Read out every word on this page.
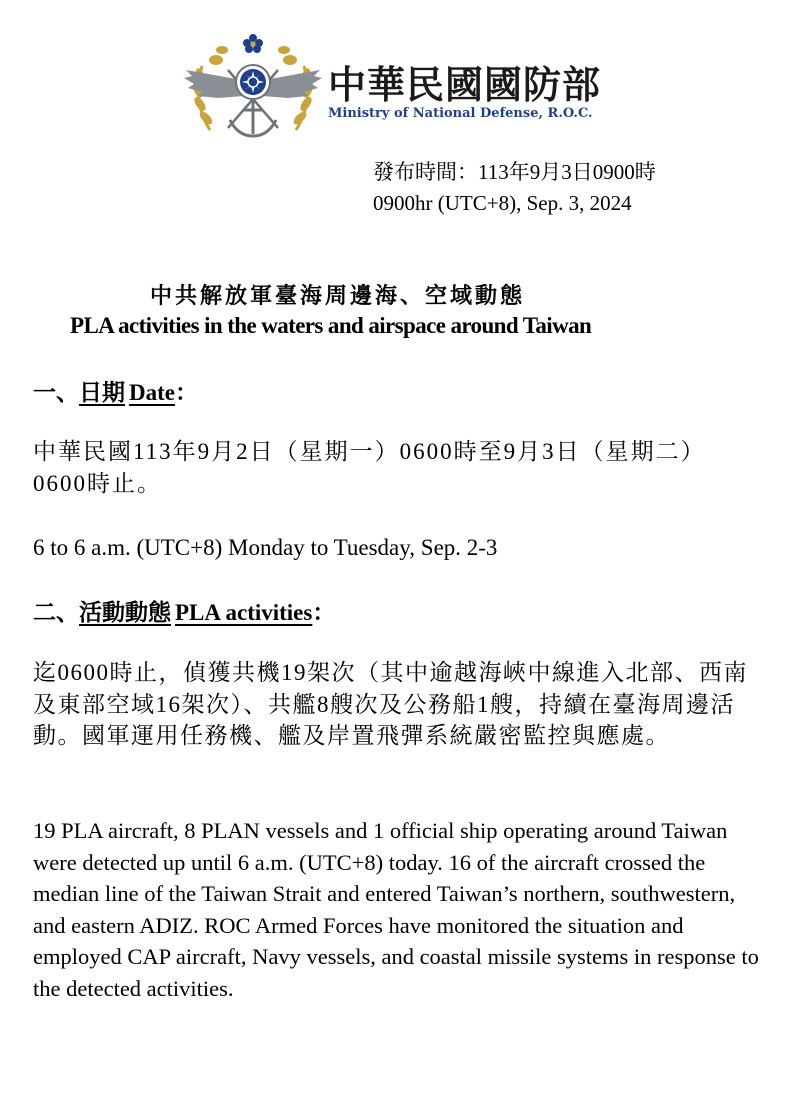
中華民國國防部
Ministry of National Defense, R.O.C.
發布時間：113年9月3日0900時
0900hr (UTC+8), Sep. 3, 2024
中共解放軍臺海周邊海、空域動態
PLA activities in the waters and airspace around Taiwan
一、日期 Date：
中華民國113年9月2日（星期一）0600時至9月3日（星期二）0600時止。
6 to 6 a.m. (UTC+8) Monday to Tuesday, Sep. 2-3
二、活動動態 PLA activities：
迄0600時止，偵獲共機19架次（其中逾越海峽中線進入北部、西南及東部空域16架次）、共艦8艘次及公務船1艘，持續在臺海周邊活動。國軍運用任務機、艦及岸置飛彈系統嚴密監控與應處。
19 PLA aircraft, 8 PLAN vessels and 1 official ship operating around Taiwan were detected up until 6 a.m. (UTC+8) today. 16 of the aircraft crossed the median line of the Taiwan Strait and entered Taiwan’s northern, southwestern, and eastern ADIZ. ROC Armed Forces have monitored the situation and employed CAP aircraft, Navy vessels, and coastal missile systems in response to the detected activities.
